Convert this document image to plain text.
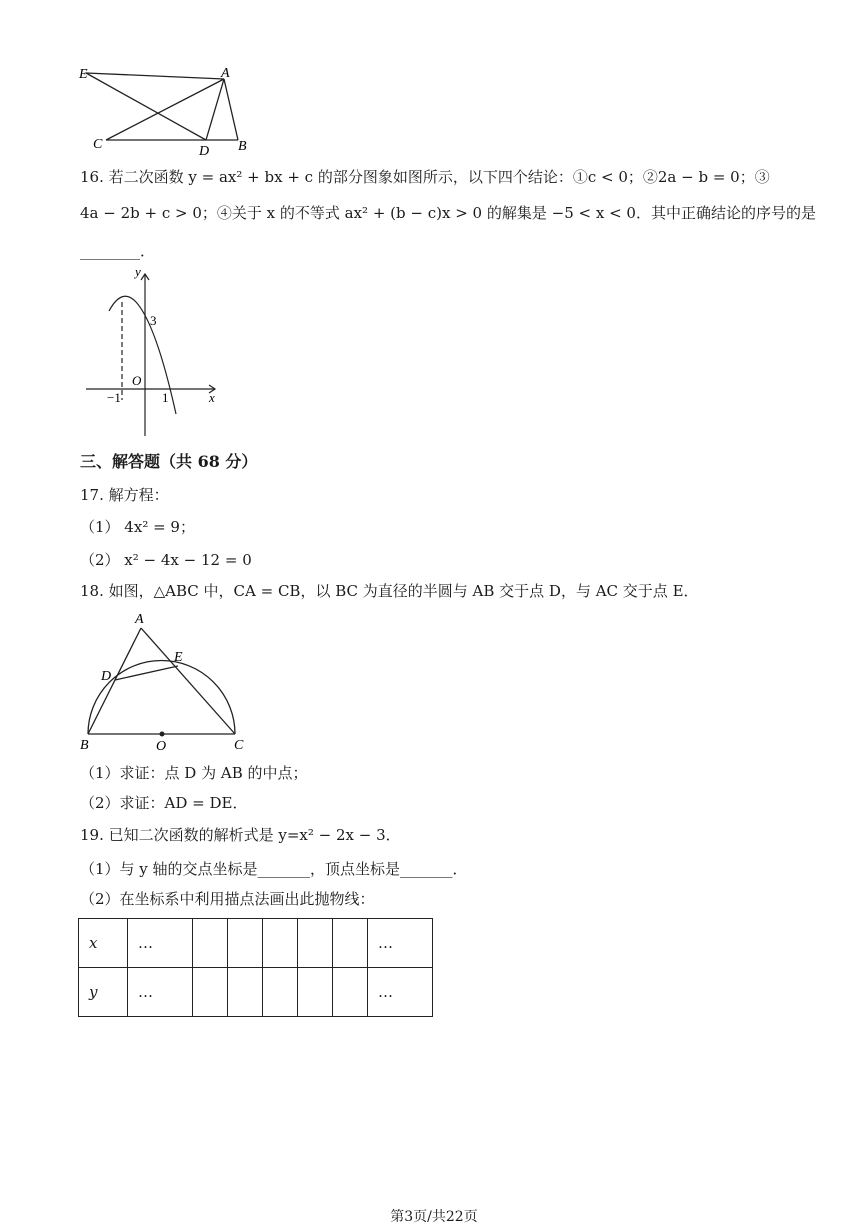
E	A
C	D B
16. 若二次函数 y = ax² + bx + c 的部分图象如图所示，以下四个结论：①c < 0；②2a − b = 0；③
4a − 2b + c > 0；④关于 x 的不等式 ax² + (b − c)x > 0 的解集是 −5 < x < 0．其中正确结论的序号的是
________．
y
x
O
3
−1	1
三、解答题（共 68 分）
17. 解方程：
（1） 4x² = 9；
（2） x² − 4x − 12 = 0
18. 如图，△ABC 中，CA = CB，以 BC 为直径的半圆与 AB 交于点 D，与 AC 交于点 E．
A
E
D
B	O	C
（1）求证：点 D 为 AB 的中点；
（2）求证：AD = DE．
19. 已知二次函数的解析式是 y=x² − 2x − 3．
（1）与 y 轴的交点坐标是_______，顶点坐标是_______．
（2）在坐标系中利用描点法画出此抛物线：
x	…						…
y	…						…
第3页/共22页
